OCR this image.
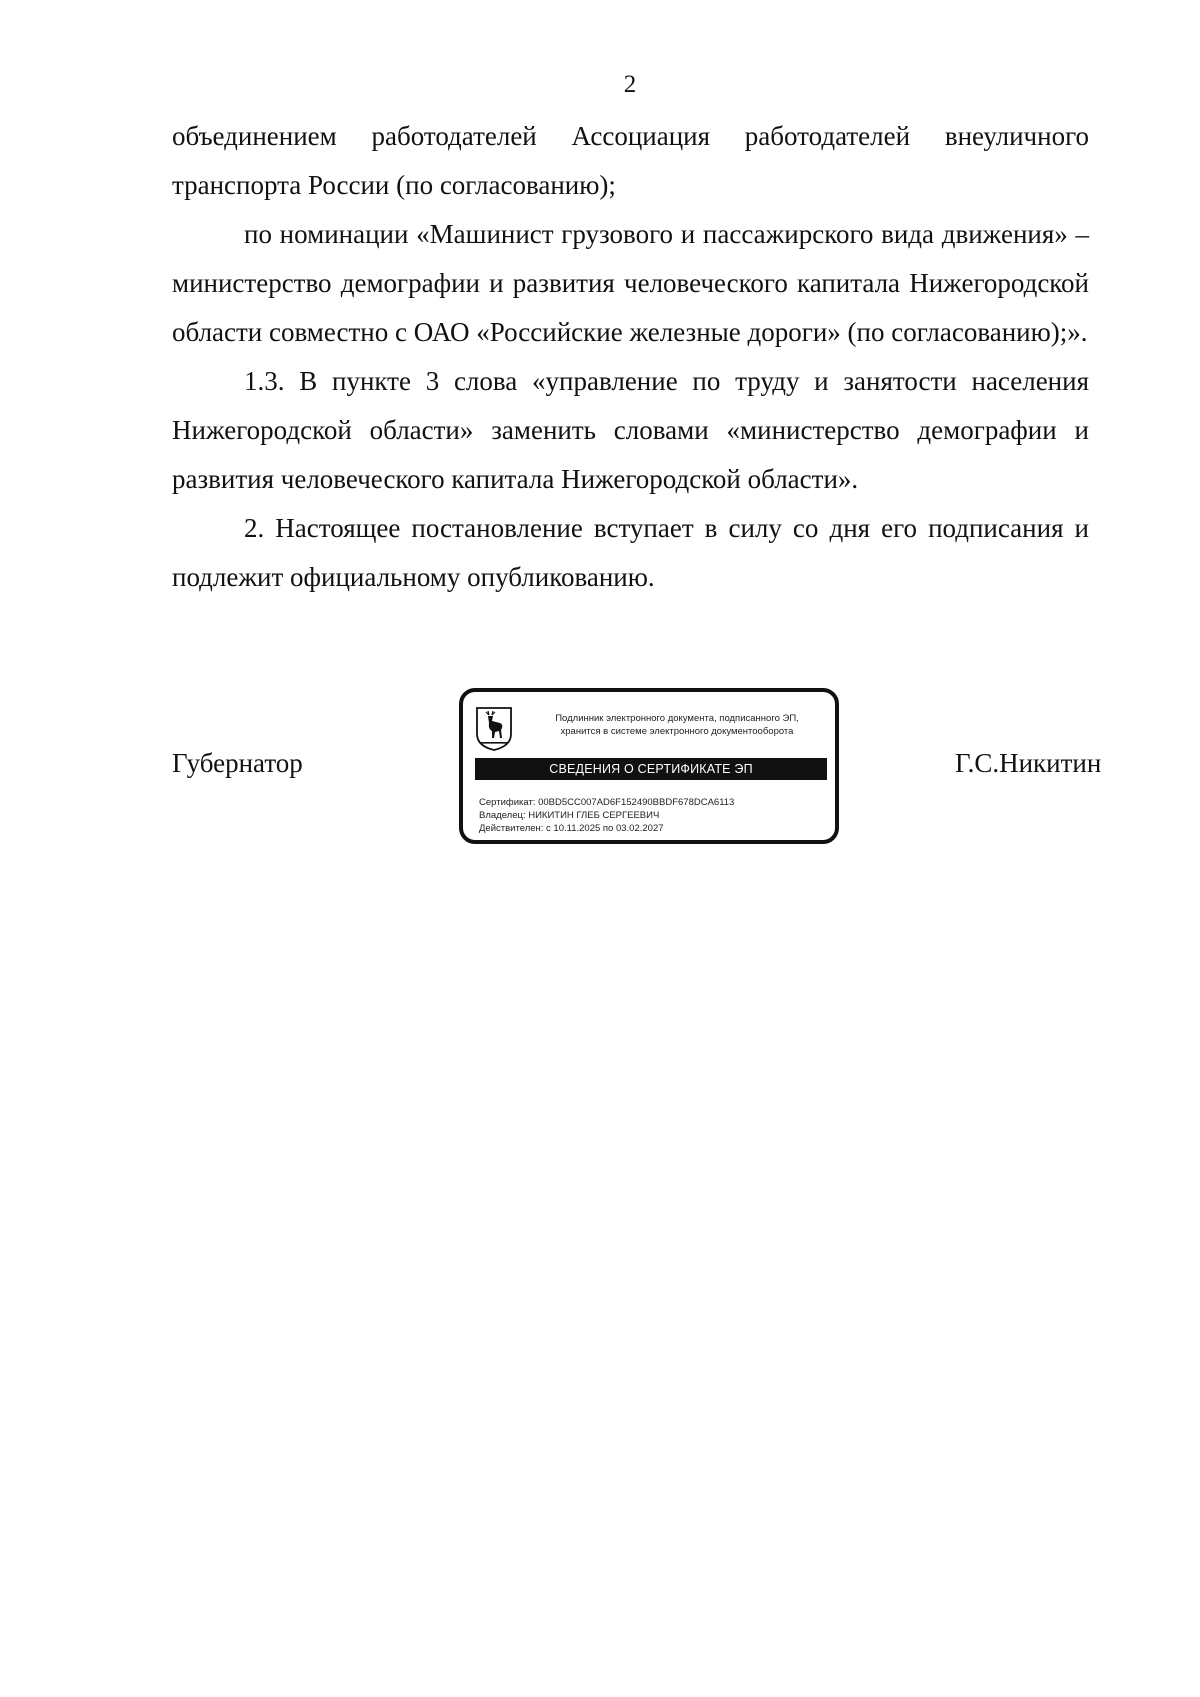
2

объединением работодателей Ассоциация работодателей внеуличного транспорта России (по согласованию);

по номинации «Машинист грузового и пассажирского вида движения» – министерство демографии и развития человеческого капитала Нижегородской области совместно с ОАО «Российские железные дороги» (по согласованию);».

1.3. В пункте 3 слова «управление по труду и занятости населения Нижегородской области» заменить словами «министерство демографии и развития человеческого капитала Нижегородской области».

2. Настоящее постановление вступает в силу со дня его подписания и подлежит официальному опубликованию.

Губернатор
Подлинник электронного документа, подписанного ЭП,
хранится в системе электронного документооборота
СВЕДЕНИЯ О СЕРТИФИКАТЕ ЭП
Сертификат: 00BD5CC007AD6F152490BBDF678DCA6113
Владелец: НИКИТИН ГЛЕБ СЕРГЕЕВИЧ
Действителен: с 10.11.2025 по 03.02.2027
Г.С.Никитин
